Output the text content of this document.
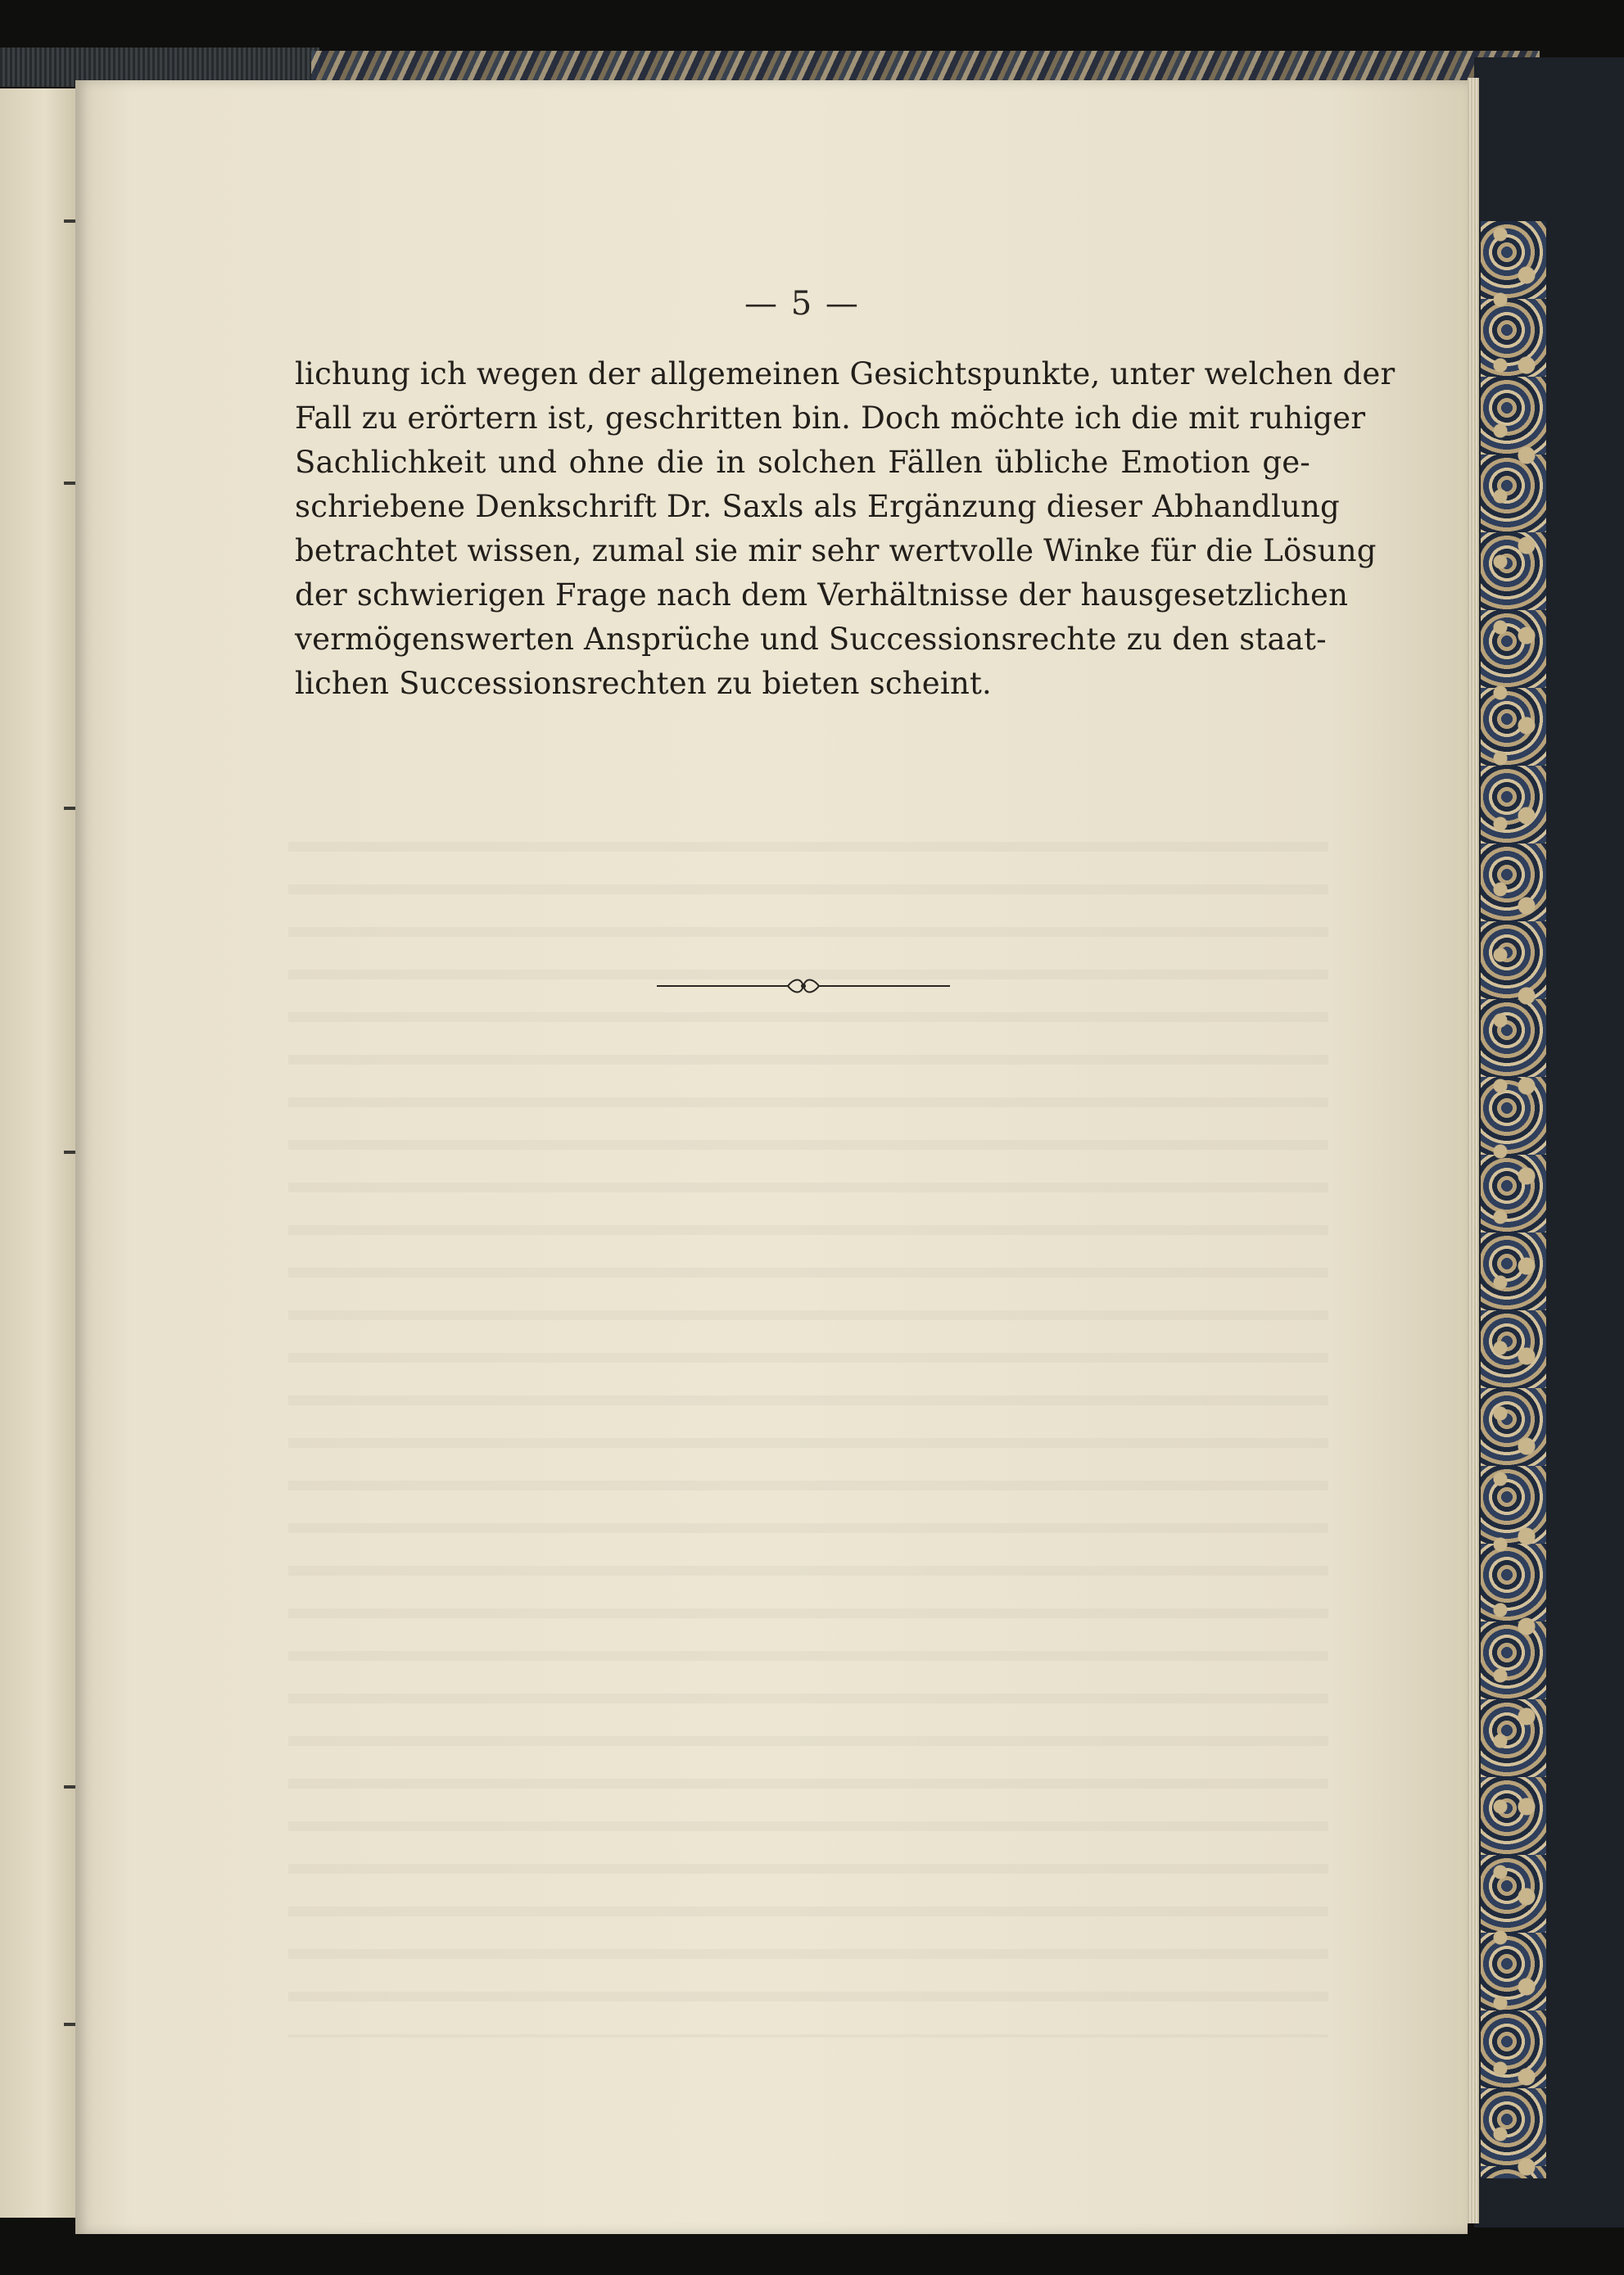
— 5 —
lichung ich wegen der allgemeinen Gesichtspunkte, unter welchen der
Fall zu erörtern ist, geschritten bin. Doch möchte ich die mit ruhiger
Sachlichkeit und ohne die in solchen Fällen übliche Emotion ge-
schriebene Denkschrift Dr. Saxls als Ergänzung dieser Abhandlung
betrachtet wissen, zumal sie mir sehr wertvolle Winke für die Lösung
der schwierigen Frage nach dem Verhältnisse der hausgesetzlichen
vermögenswerten Ansprüche und Successionsrechte zu den staat-
lichen Successionsrechten zu bieten scheint.
